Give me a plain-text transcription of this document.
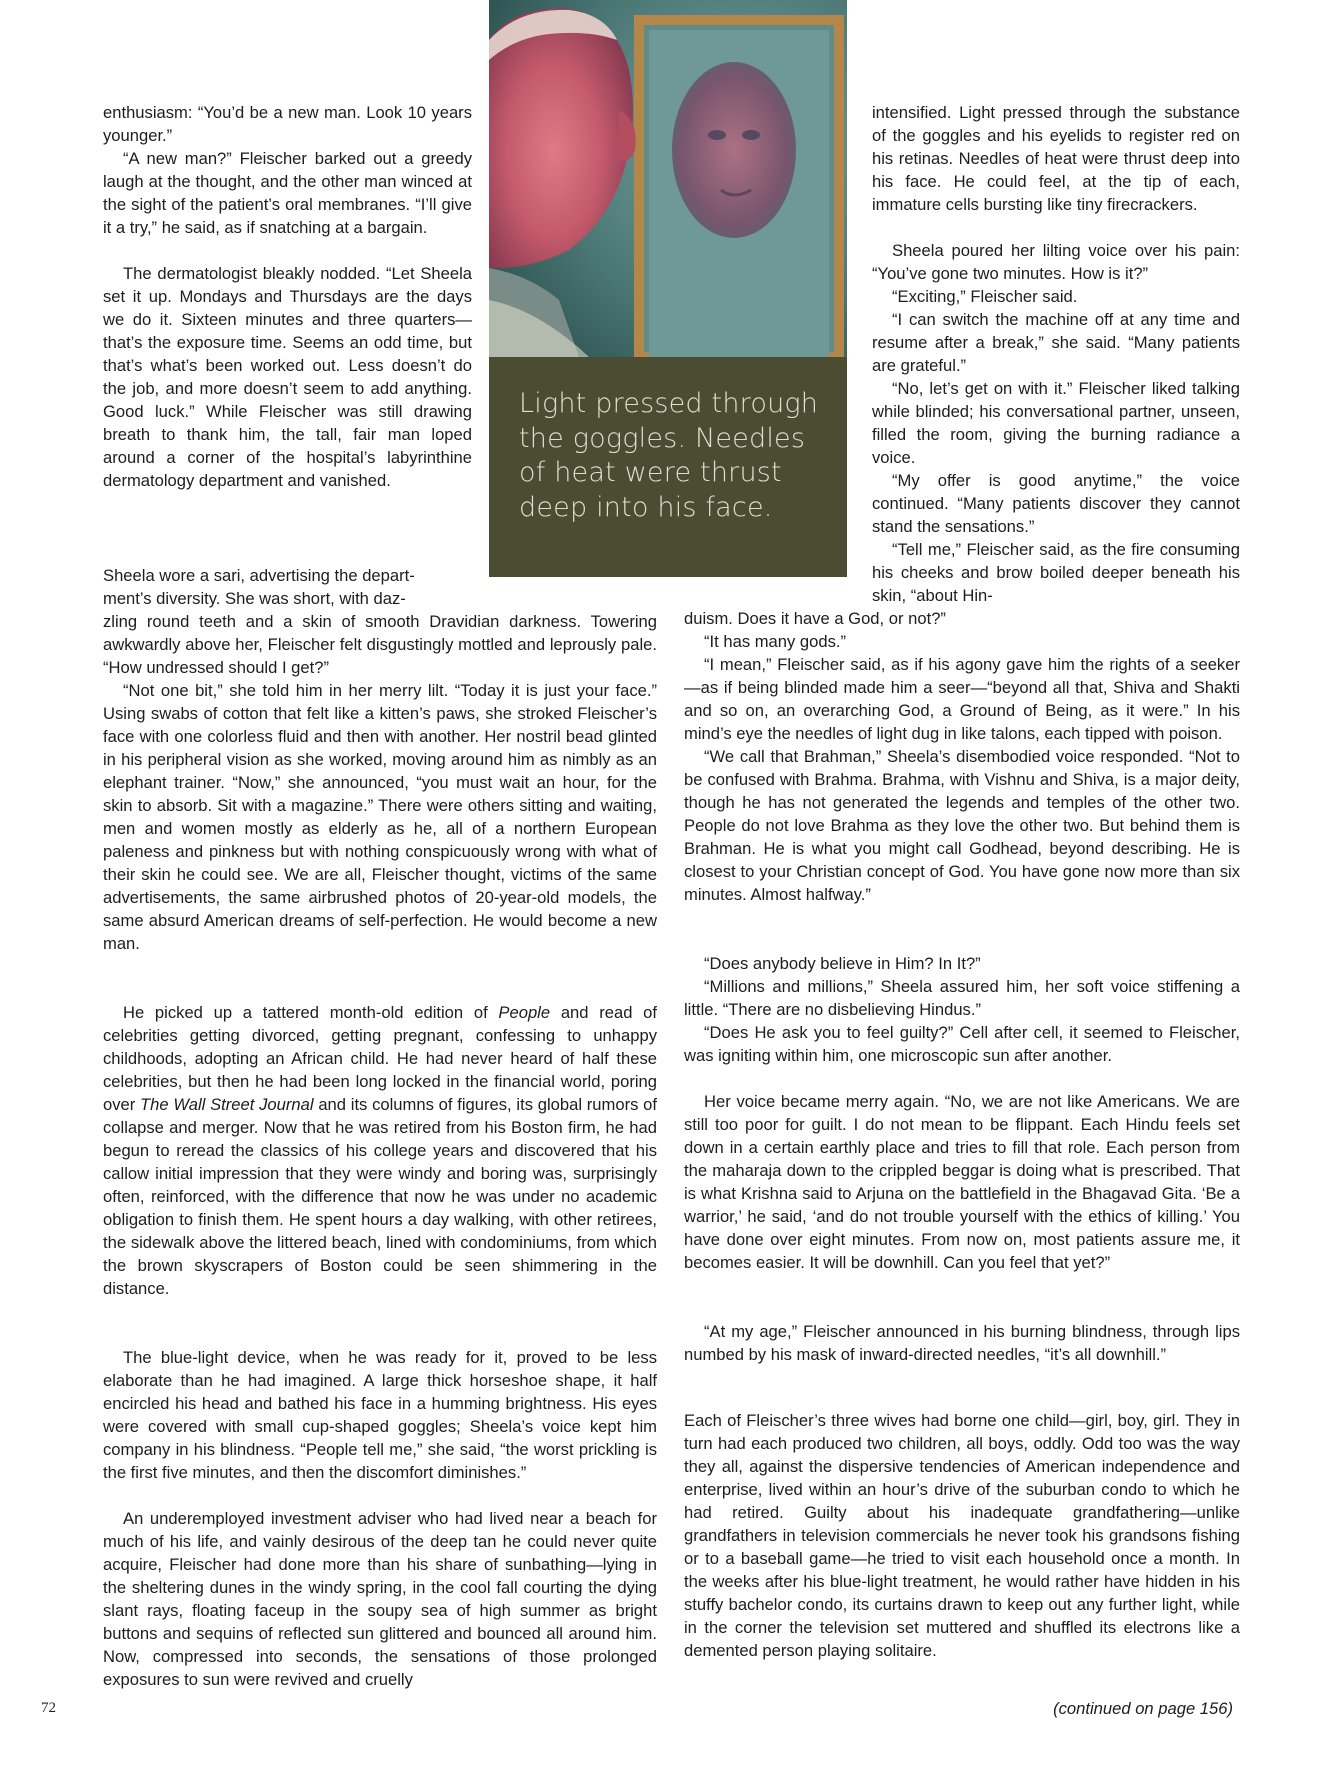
Light pressed through the goggles. Needles of heat were thrust deep into his face.

enthusiasm: “You’d be a new man. Look 10 years younger.”

“A new man?” Fleischer barked out a greedy laugh at the thought, and the other man winced at the sight of the patient’s oral membranes. “I’ll give it a try,” he said, as if snatching at a bargain.

The dermatologist bleakly nodded. “Let Sheela set it up. Mondays and Thursdays are the days we do it. Sixteen minutes and three quarters—that’s the exposure time. Seems an odd time, but that’s what’s been worked out. Less doesn’t do the job, and more doesn’t seem to add anything. Good luck.” While Fleischer was still drawing breath to thank him, the tall, fair man loped around a corner of the hospital’s labyrinthine dermatology department and vanished.

Sheela wore a sari, advertising the depart-

ment’s diversity. She was short, with daz-

zling round teeth and a skin of smooth Dravidian darkness. Towering awkwardly above her, Fleischer felt disgustingly mottled and leprously pale. “How undressed should I get?”

“Not one bit,” she told him in her merry lilt. “Today it is just your face.” Using swabs of cotton that felt like a kitten’s paws, she stroked Fleischer’s face with one colorless fluid and then with another. Her nostril bead glinted in his peripheral vision as she worked, moving around him as nimbly as an elephant trainer. “Now,” she announced, “you must wait an hour, for the skin to absorb. Sit with a magazine.” There were others sitting and waiting, men and women mostly as elderly as he, all of a northern European paleness and pinkness but with nothing conspicuously wrong with what of their skin he could see. We are all, Fleischer thought, victims of the same advertisements, the same airbrushed photos of 20-year-old models, the same absurd American dreams of self-perfection. He would become a new man.

He picked up a tattered month-old edition of People and read of celebrities getting divorced, getting pregnant, confessing to unhappy childhoods, adopting an African child. He had never heard of half these celebrities, but then he had been long locked in the financial world, poring over The Wall Street Journal and its columns of figures, its global rumors of collapse and merger. Now that he was retired from his Boston firm, he had begun to reread the classics of his college years and discovered that his callow initial impression that they were windy and boring was, surprisingly often, reinforced, with the difference that now he was under no academic obligation to finish them. He spent hours a day walking, with other retirees, the sidewalk above the littered beach, lined with condominiums, from which the brown skyscrapers of Boston could be seen shimmering in the distance.

The blue-light device, when he was ready for it, proved to be less elaborate than he had imagined. A large thick horseshoe shape, it half encircled his head and bathed his face in a humming brightness. His eyes were covered with small cup-shaped goggles; Sheela’s voice kept him company in his blindness. “People tell me,” she said, “the worst prickling is the first five minutes, and then the discomfort diminishes.”

An underemployed investment adviser who had lived near a beach for much of his life, and vainly desirous of the deep tan he could never quite acquire, Fleischer had done more than his share of sunbathing—lying in the sheltering dunes in the windy spring, in the cool fall courting the dying slant rays, floating faceup in the soupy sea of high summer as bright buttons and sequins of reflected sun glittered and bounced all around him. Now, compressed into seconds, the sensations of those prolonged exposures to sun were revived and cruelly

intensified. Light pressed through the substance of the goggles and his eyelids to register red on his retinas. Needles of heat were thrust deep into his face. He could feel, at the tip of each, immature cells bursting like tiny firecrackers.

Sheela poured her lilting voice over his pain: “You’ve gone two minutes. How is it?”

“Exciting,” Fleischer said.

“I can switch the machine off at any time and resume after a break,” she said. “Many patients are grateful.”

“No, let’s get on with it.” Fleischer liked talking while blinded; his conversational partner, unseen, filled the room, giving the burning radiance a voice.

“My offer is good anytime,” the voice continued. “Many patients discover they cannot stand the sensations.”

“Tell me,” Fleischer said, as the fire consuming his cheeks and brow boiled deeper beneath his skin, “about Hin-

duism. Does it have a God, or not?”

“It has many gods.”

“I mean,” Fleischer said, as if his agony gave him the rights of a seeker—as if being blinded made him a seer—“beyond all that, Shiva and Shakti and so on, an overarching God, a Ground of Being, as it were.” In his mind’s eye the needles of light dug in like talons, each tipped with poison.

“We call that Brahman,” Sheela’s disembodied voice responded. “Not to be confused with Brahma. Brahma, with Vishnu and Shiva, is a major deity, though he has not generated the legends and temples of the other two. People do not love Brahma as they love the other two. But behind them is Brahman. He is what you might call Godhead, beyond describing. He is closest to your Christian concept of God. You have gone now more than six minutes. Almost halfway.”

“Does anybody believe in Him? In It?”

“Millions and millions,” Sheela assured him, her soft voice stiffening a little. “There are no disbelieving Hindus.”

“Does He ask you to feel guilty?” Cell after cell, it seemed to Fleischer, was igniting within him, one microscopic sun after another.

Her voice became merry again. “No, we are not like Americans. We are still too poor for guilt. I do not mean to be flippant. Each Hindu feels set down in a certain earthly place and tries to fill that role. Each person from the maharaja down to the crippled beggar is doing what is prescribed. That is what Krishna said to Arjuna on the battlefield in the Bhagavad Gita. ‘Be a warrior,’ he said, ‘and do not trouble yourself with the ethics of killing.’ You have done over eight minutes. From now on, most patients assure me, it becomes easier. It will be downhill. Can you feel that yet?”

“At my age,” Fleischer announced in his burning blindness, through lips numbed by his mask of inward-directed needles, “it’s all downhill.”

Each of Fleischer’s three wives had borne one child—girl, boy, girl. They in turn had each produced two children, all boys, oddly. Odd too was the way they all, against the dispersive tendencies of American independence and enterprise, lived within an hour’s drive of the suburban condo to which he had retired. Guilty about his inadequate grandfathering—unlike grandfathers in television commercials he never took his grandsons fishing or to a baseball game—he tried to visit each household once a month. In the weeks after his blue-light treatment, he would rather have hidden in his stuffy bachelor condo, its curtains drawn to keep out any further light, while in the corner the television set muttered and shuffled its electrons like a demented person playing solitaire.

(continued on page 156)
72
